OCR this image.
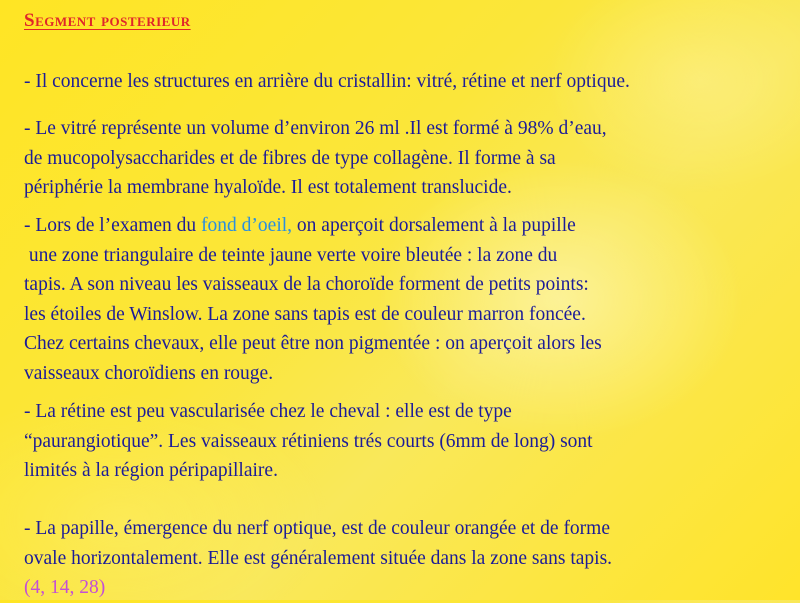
Segment posterieur

- Il concerne les structures en arrière du cristallin: vitré, rétine et nerf optique.

- Le vitré représente un volume d’environ 26 ml .Il est formé à 98% d’eau,
de mucopolysaccharides et de fibres de type collagène. Il forme à sa
périphérie la membrane hyaloïde. Il est totalement translucide.

- Lors de l’examen du fond d’oeil, on aperçoit dorsalement à la pupille
une zone triangulaire de teinte jaune verte voire bleutée : la zone du
tapis. A son niveau les vaisseaux de la choroïde forment de petits points:
les étoiles de Winslow. La zone sans tapis est de couleur marron foncée.
Chez certains chevaux, elle peut être non pigmentée : on aperçoit alors les
vaisseaux choroïdiens en rouge.

- La rétine est peu vascularisée chez le cheval : elle est de type
“paurangiotique”. Les vaisseaux rétiniens trés courts (6mm de long) sont
limités à la région péripapillaire.

- La papille, émergence du nerf optique, est de couleur orangée et de forme
ovale horizontalement. Elle est généralement située dans la zone sans tapis.
(4, 14, 28)
